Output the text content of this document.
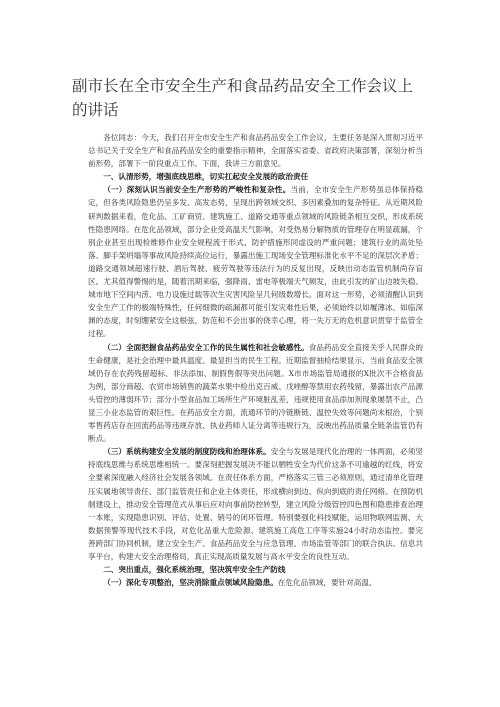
副市长在全市安全生产和食品药品安全工作会议上
的讲话

各位同志：今天，我们召开全市安全生产和食品药品安全工作会议，主要任务是深入贯彻习近平总书记关于安全生产和食品药品安全的重要指示精神，全面落实省委、省政府决策部署，深刻分析当前形势，部署下一阶段重点工作。下面，我讲三方面意见。

一、认清形势，增强底线思维，切实扛起安全发展的政治责任

（一）深刻认识当前安全生产形势的严峻性和复杂性。当前，全市安全生产形势虽总体保持稳定，但各类风险隐患仍呈多发、高发态势，呈现出跨领域交织、多因素叠加的复杂特征。从近期风险研判数据来看，危化品、工矿商贸、建筑施工、道路交通等重点领域的风险链条相互交织，形成系统性隐患网络。在危化品领域，部分企业受高温天气影响，对受热易分解物质的管理存在明显疏漏，个别企业甚至出现检维修作业安全规程流于形式、防护措施形同虚设的严重问题；建筑行业的高处坠落、脚手架坍塌等事故风险持续高位运行，暴露出施工现场安全管理标准化水平不足的深层次矛盾；道路交通领域超速行驶、酒后驾驶、疲劳驾驶等违法行为的反复出现，反映出动态监管机制尚存盲区。尤其值得警惕的是，随着汛期来临，强降雨、雷电等极端天气频发，由此引发的矿山边坡失稳、城市地下空间内涝、电力设施过载等次生灾害风险呈几何级数增长。面对这一形势，必须清醒认识到安全生产工作的极端特殊性，任何细微的疏漏都可能引发灾难性后果，必须始终以如履薄冰、如临深渊的态度，时刻绷紧安全这根弦，防范和不会出事的侥幸心理，将一失万无的危机意识贯穿于监管全过程。

（二）全面把握食品药品安全工作的民生属性和社会敏感性。食品药品安全直接关乎人民群众的生命健康，是社会治理中最具温度、最显担当的民生工程。近期监督抽检结果显示，当前食品安全领域仍存在农药残留超标、非法添加、制假售假等突出问题。X市市场监管局通报的X批次不合格食品为例，部分商超、农贸市场销售的蔬菜水果中检出克百威、戊唑醇等禁用农药残留，暴露出农产品源头管控的薄弱环节；部分小型食品加工场所生产环境脏乱差，违规使用食品添加剂现象屡禁不止，凸显三小业态监管的艰巨性。在药品安全方面，流通环节的冷链断链、温控失效等问题尚未根治，个别零售药店存在回流药品等违规存放、执业药师人证分离等违规行为，反映出药品质量全链条监管仍有断点。

（三）系统构建安全发展的制度防线和治理体系。安全与发展是现代化治理的一体两面，必须坚持底线思维与系统思维相统一。要深刻把握发展决不能以牺牲安全为代价这条不可逾越的红线，将安全要素深度融入经济社会发展各领域。在责任体系方面，严格落实三管三必须原则，通过清单化管理压实属地领导责任、部门监管责任和企业主体责任，形成横向到边、纵向到底的责任网格。在预防机制建设上，推动安全管理范式从事后应对向事前防控转型，建立风险分级管控四色图和隐患排查治理一本账，实现隐患识别、评估、处置、销号的闭环管理。特别要强化科技赋能，运用物联网监测、大数据预警等现代技术手段，对危化品重大危险源、建筑施工高危工序等实施24小时动态监控。要完善跨部门协同机制，建立安全生产、食品药品安全与应急管理、市场监管等部门的联合执法、信息共享平台，构建大安全治理格局，真正实现高质量发展与高水平安全的良性互动。

二、突出重点，强化系统治理，坚决筑牢安全生产防线

（一）深化专项整治，坚决消除重点领域风险隐患。在危化品领域，要针对高温、
